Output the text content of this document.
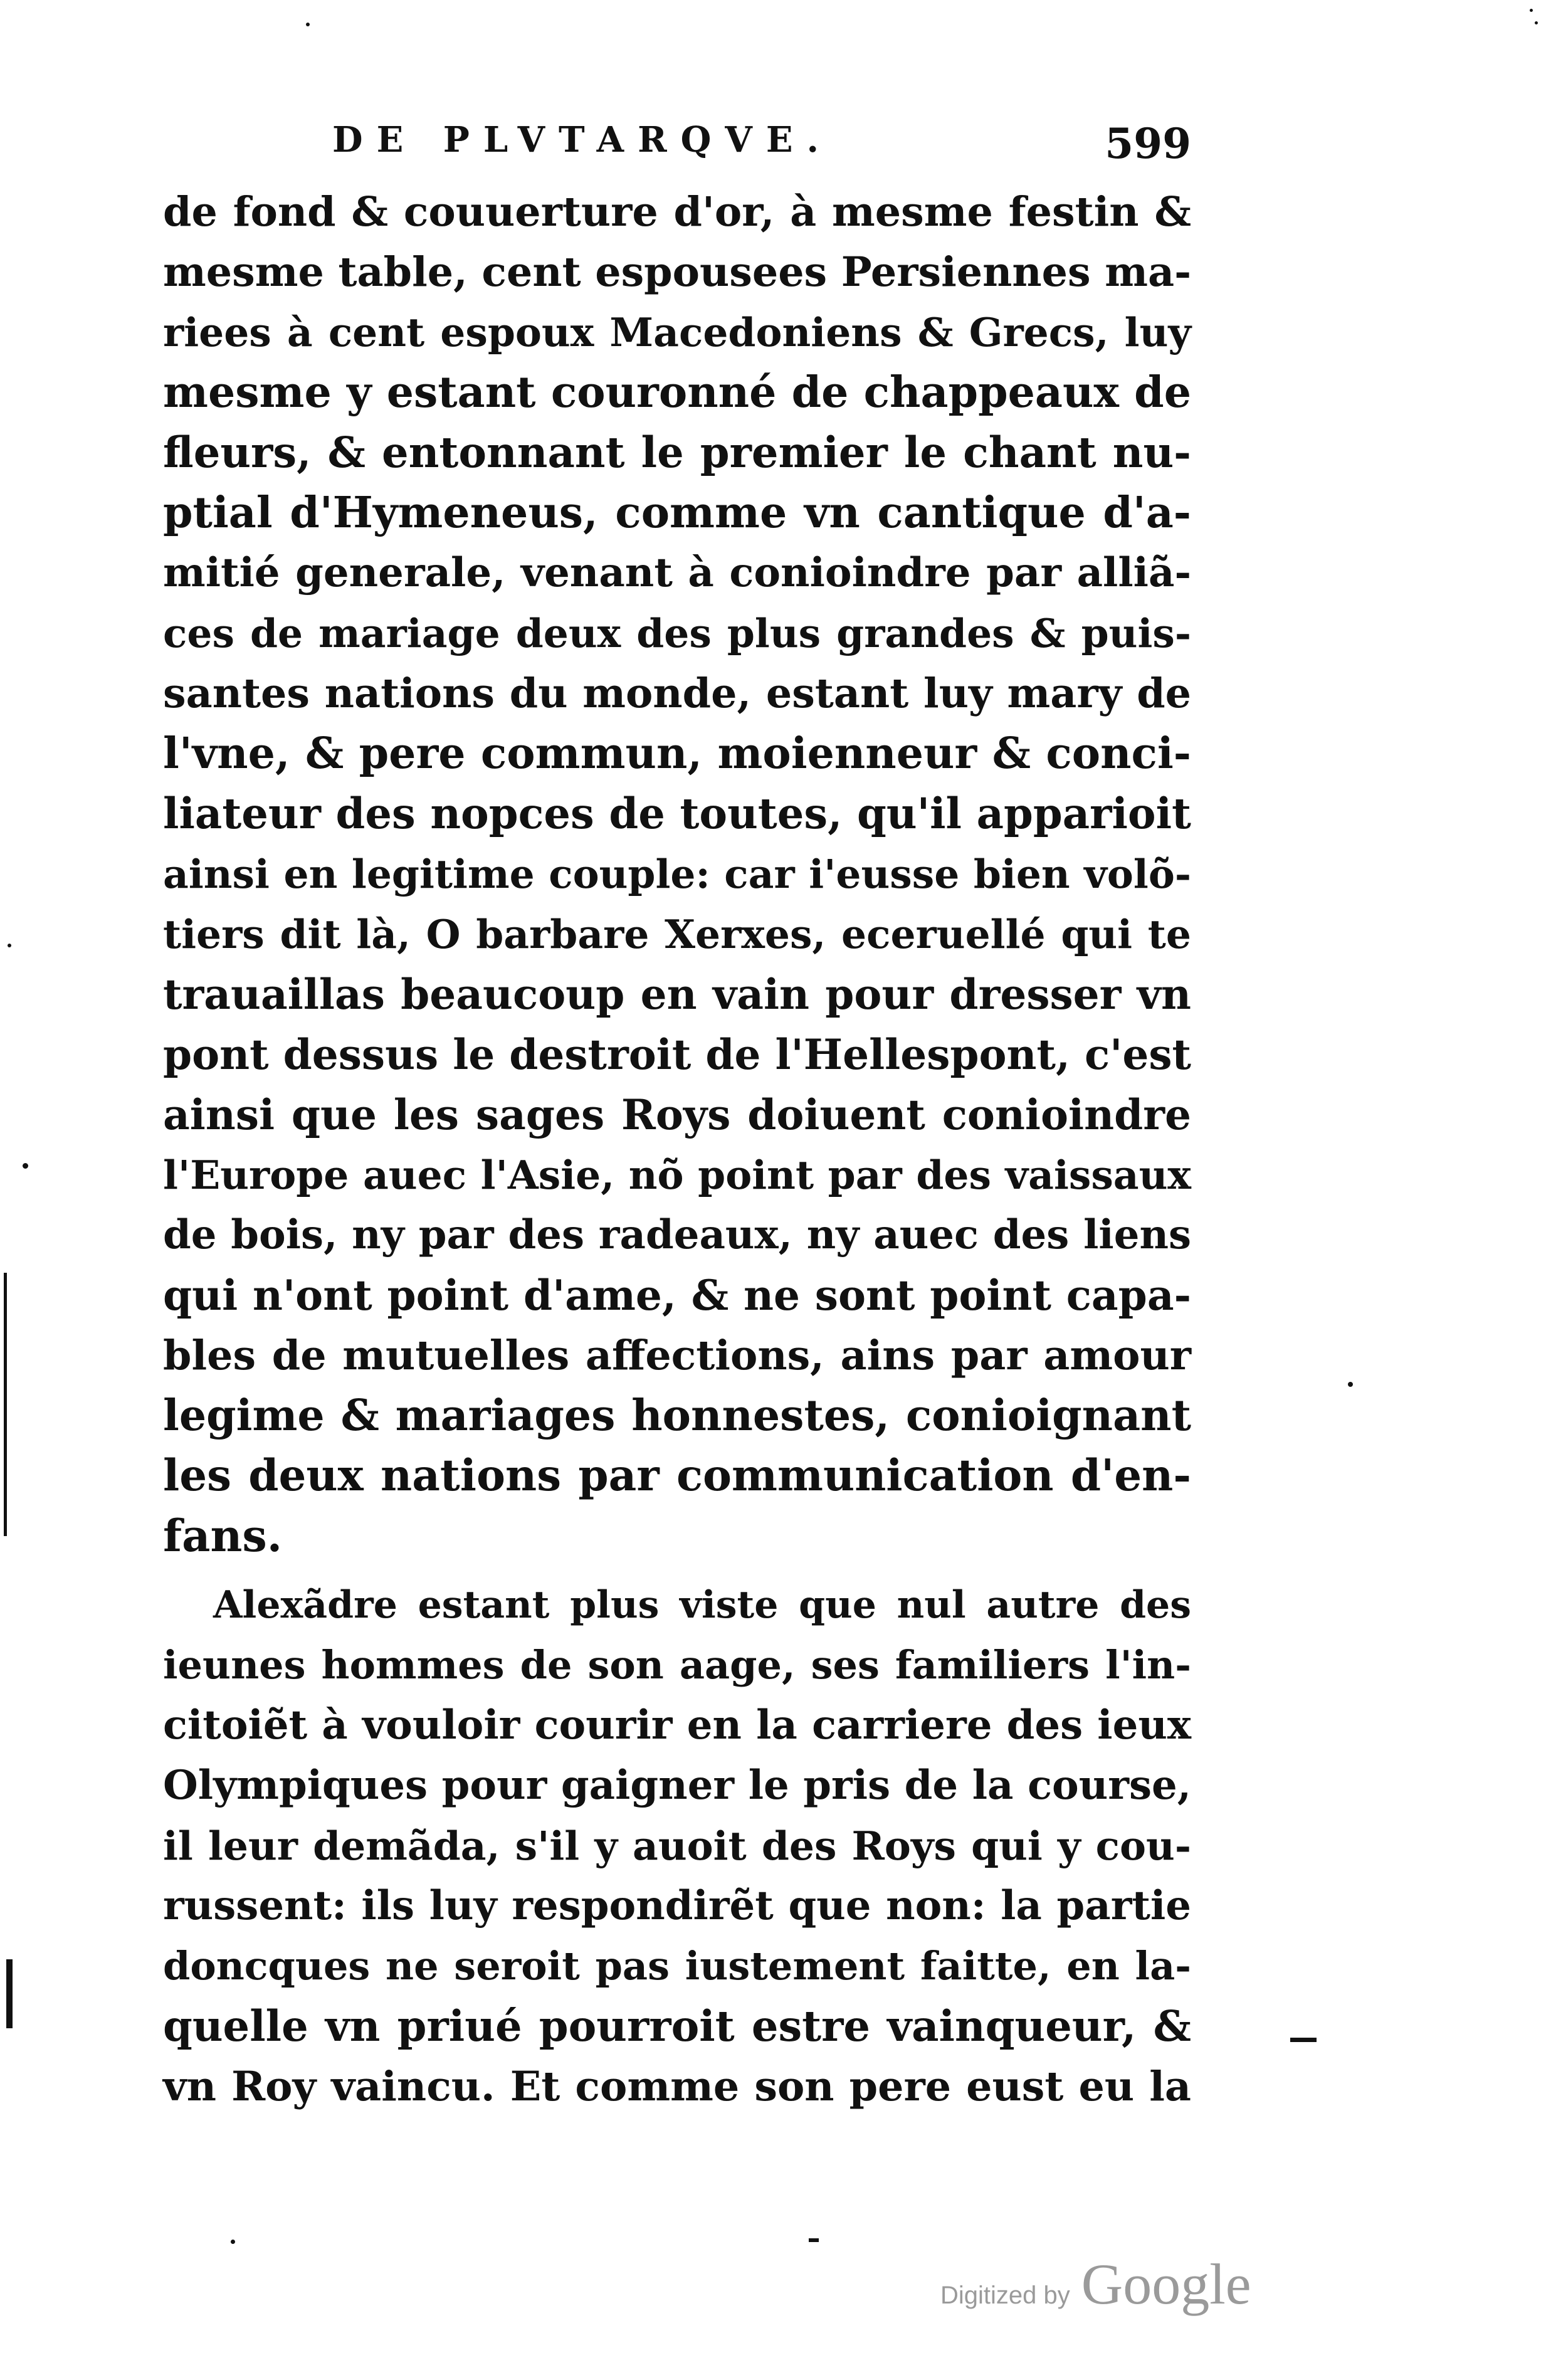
DE PLVTARQVE.	599
de fond & couuerture d'or, à mesme festin &
mesme table, cent espousees Persiennes ma-
riees à cent espoux Macedoniens & Grecs, luy
mesme y estant couronné de chappeaux de
fleurs, & entonnant le premier le chant nu-
ptial d'Hymeneus, comme vn cantique d'a-
mitié generale, venant à conioindre par alliã-
ces de mariage deux des plus grandes & puis-
santes nations du monde, estant luy mary de
l'vne, & pere commun, moienneur & conci-
liateur des nopces de toutes, qu'il apparioit
ainsi en legitime couple: car i'eusse bien volõ-
tiers dit là, O barbare Xerxes, eceruellé qui te
trauaillas beaucoup en vain pour dresser vn
pont dessus le destroit de l'Hellespont, c'est
ainsi que les sages Roys doiuent conioindre
l'Europe auec l'Asie, nõ point par des vaissaux
de bois, ny par des radeaux, ny auec des liens
qui n'ont point d'ame, & ne sont point capa-
bles de mutuelles affections, ains par amour
legime & mariages honnestes, conioignant
les deux nations par communication d'en-
fans.
Alexãdre estant plus viste que nul autre des
ieunes hommes de son aage, ses familiers l'in-
citoiẽt à vouloir courir en la carriere des ieux
Olympiques pour gaigner le pris de la course,
il leur demãda, s'il y auoit des Roys qui y cou-
russent: ils luy respondirẽt que non: la partie
doncques ne seroit pas iustement faitte, en la-
quelle vn priué pourroit estre vainqueur, &
vn Roy vaincu. Et comme son pere eust eu la
Digitized by Google
